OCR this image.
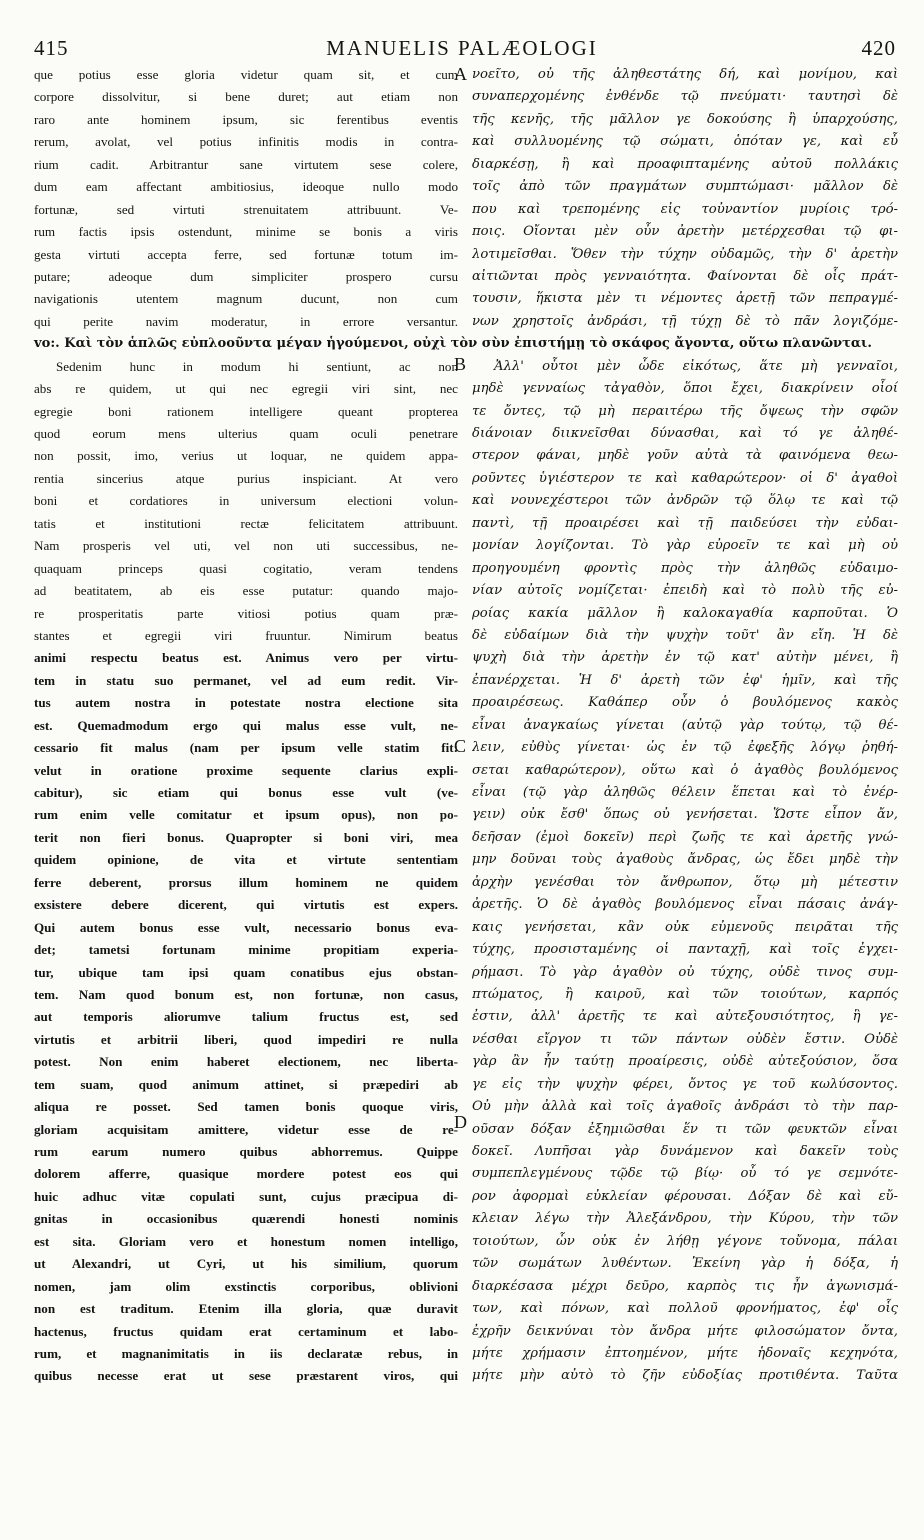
415	MANUELIS PALÆOLOGI	420
que potius esse gloria videtur quam sit, et cum
corpore dissolvitur, si bene duret; aut etiam non
raro ante hominem ipsum, sic ferentibus eventis
rerum, avolat, vel potius infinitis modis in contra-
rium cadit. Arbitrantur sane virtutem sese colere,
dum eam affectant ambitiosius, ideoque nullo modo
fortunæ, sed virtuti strenuitatem attribuunt. Ve-
rum factis ipsis ostendunt, minime se bonis a viris
gesta virtuti accepta ferre, sed fortunæ totum im-
putare; adeoque dum simpliciter prospero cursu
navigationis utentem magnum ducunt, non cum
qui perite navim moderatur, in errore versantur.
vo:. Καὶ τὸν ἁπλῶς εὐπλοοῦντα μέγαν ἡγούμενοι, οὐχὶ τὸν σὺν ἐπιστήμῃ τὸ σκάφος ἄγοντα, οὕτω πλανῶνται.
Sedenim hunc in modum hi sentiunt, ac non
abs re quidem, ut qui nec egregii viri sint, nec
egregie boni rationem intelligere queant propterea
quod eorum mens ulterius quam oculi penetrare
non possit, imo, verius ut loquar, ne quidem appa-
rentia sincerius atque purius inspiciant. At vero
boni et cordatiores in universum electioni volun-
tatis et institutioni rectæ felicitatem attribuunt.
Nam prosperis vel uti, vel non uti successibus, ne-
quaquam princeps quasi cogitatio, veram tendens
ad beatitatem, ab eis esse putatur: quando majo-
re prosperitatis parte vitiosi potius quam præ-
stantes et egregii viri fruuntur. Nimirum beatus
animi respectu beatus est. Animus vero per virtu-
tem in statu suo permanet, vel ad eum redit. Vir-
tus autem nostra in potestate nostra electione sita
est. Quemadmodum ergo qui malus esse vult, ne-
cessario fit malus (nam per ipsum velle statim fit:
velut in oratione proxime sequente clarius expli-
cabitur), sic etiam qui bonus esse vult (ve-
rum enim velle comitatur et ipsum opus), non po-
terit non fieri bonus. Quapropter si boni viri, mea
quidem opinione, de vita et virtute sententiam
ferre deberent, prorsus illum hominem ne quidem
exsistere debere dicerent, qui virtutis est expers.
Qui autem bonus esse vult, necessario bonus eva-
det; tametsi fortunam minime propitiam experia-
tur, ubique tam ipsi quam conatibus ejus obstan-
tem. Nam quod bonum est, non fortunæ, non casus,
aut temporis aliorumve talium fructus est, sed
virtutis et arbitrii liberi, quod impediri re nulla
potest. Non enim haberet electionem, nec liberta-
tem suam, quod animum attinet, si præpediri ab
aliqua re posset. Sed tamen bonis quoque viris,
gloriam acquisitam amittere, videtur esse de re-
rum earum numero quibus abhorremus. Quippe
dolorem afferre, quasique mordere potest eos qui
huic adhuc vitæ copulati sunt, cujus præcipua di-
gnitas in occasionibus quærendi honesti nominis
est sita. Gloriam vero et honestum nomen intelligo,
ut Alexandri, ut Cyri, ut his similium, quorum
nomen, jam olim exstinctis corporibus, oblivioni
non est traditum. Etenim illa gloria, quæ duravit
hactenus, fructus quidam erat certaminum et labo-
rum, et magnanimitatis in iis declaratæ rebus, in
quibus necesse erat ut sese præstarent viros, qui
νοεῖτο, οὐ τῆς ἀληθεστάτης δή, καὶ μονίμου, καὶ
συναπερχομένης ἐνθένδε τῷ πνεύματι· ταυτησὶ δὲ
τῆς κενῆς, τῆς μᾶλλον γε δοκούσης ἢ ὑπαρχούσης,
καὶ συλλυομένης τῷ σώματι, ὁπόταν γε, καὶ εὖ
διαρκέσῃ, ἢ καὶ προαφιπταμένης αὐτοῦ πολλάκις
τοῖς ἀπὸ τῶν πραγμάτων συμπτώμασι· μᾶλλον δὲ
που καὶ τρεπομένης εἰς τοὐναντίον μυρίοις τρό-
ποις. Οἴονται μὲν οὖν ἀρετὴν μετέρχεσθαι τῷ φι-
λοτιμεῖσθαι. Ὅθεν τὴν τύχην οὐδαμῶς, τὴν δ' ἀρετὴν
αἰτιῶνται πρὸς γενναιότητα. Φαίνονται δὲ οἷς πράτ-
τουσιν, ἥκιστα μὲν τι νέμοντες ἀρετῇ τῶν πεπραγμέ-
νων χρηστοῖς ἀνδράσι, τῇ τύχῃ δὲ τὸ πᾶν λογιζόμε-
Ἀλλ' οὗτοι μὲν ὧδε εἰκότως, ἅτε μὴ γενναῖοι,
μηδὲ γενναίως τἀγαθὸν, ὅποι ἔχει, διακρίνειν οἷοί
τε ὄντες, τῷ μὴ περαιτέρω τῆς ὄψεως τὴν σφῶν
διάνοιαν διικνεῖσθαι δύνασθαι, καὶ τό γε ἀληθέ-
στερον φάναι, μηδὲ γοῦν αὐτὰ τὰ φαινόμενα θεω-
ροῦντες ὑγιέστερον τε καὶ καθαρώτερον· οἱ δ' ἀγαθοὶ
καὶ νουνεχέστεροι τῶν ἀνδρῶν τῷ ὅλῳ τε καὶ τῷ
παντὶ, τῇ προαιρέσει καὶ τῇ παιδεύσει τὴν εὐδαι-
μονίαν λογίζονται. Τὸ γὰρ εὐροεῖν τε καὶ μὴ οὐ
προηγουμένη φροντὶς πρὸς τὴν ἀληθῶς εὐδαιμο-
νίαν αὐτοῖς νομίζεται· ἐπειδὴ καὶ τὸ πολὺ τῆς εὐ-
ροίας κακία μᾶλλον ἢ καλοκαγαθία καρποῦται. Ὁ
δὲ εὐδαίμων διὰ τὴν ψυχὴν τοῦτ' ἂν εἴη. Ἡ δὲ
ψυχὴ διὰ τὴν ἀρετὴν ἐν τῷ κατ' αὐτὴν μένει, ἢ
ἐπανέρχεται. Ἡ δ' ἀρετὴ τῶν ἐφ' ἡμῖν, καὶ τῆς
προαιρέσεως. Καθάπερ οὖν ὁ βουλόμενος κακὸς
εἶναι ἀναγκαίως γίνεται (αὐτῷ γὰρ τούτῳ, τῷ θέ-
λειν, εὐθὺς γίνεται· ὡς ἐν τῷ ἐφεξῆς λόγῳ ῥηθή-
σεται καθαρώτερον), οὕτω καὶ ὁ ἀγαθὸς βουλόμενος
εἶναι (τῷ γὰρ ἀληθῶς θέλειν ἕπεται καὶ τὸ ἐνέρ-
γειν) οὐκ ἔσθ' ὅπως οὐ γενήσεται. Ὥστε εἶπον ἄν,
δεῆσαν (ἐμοὶ δοκεῖν) περὶ ζωῆς τε καὶ ἀρετῆς γνώ-
μην δοῦναι τοὺς ἀγαθοὺς ἄνδρας, ὡς ἔδει μηδὲ τὴν
ἀρχὴν γενέσθαι τὸν ἄνθρωπον, ὅτῳ μὴ μέτεστιν
ἀρετῆς. Ὁ δὲ ἀγαθὸς βουλόμενος εἶναι πάσαις ἀνάγ-
καις γενήσεται, κἂν οὐκ εὐμενοῦς πειρᾶται τῆς
τύχης, προσισταμένης οἱ πανταχῇ, καὶ τοῖς ἐγχει-
ρήμασι. Τὸ γὰρ ἀγαθὸν οὐ τύχης, οὐδὲ τινος συμ-
πτώματος, ἢ καιροῦ, καὶ τῶν τοιούτων, καρπός
ἐστιν, ἀλλ' ἀρετῆς τε καὶ αὐτεξουσιότητος, ἣ γε-
νέσθαι εἴργον τι τῶν πάντων οὐδὲν ἔστιν. Οὐδὲ
γὰρ ἂν ἦν ταύτῃ προαίρεσις, οὐδὲ αὐτεξούσιον, ὅσα
γε εἰς τὴν ψυχὴν φέρει, ὄντος γε τοῦ κωλύσοντος.
Οὐ μὴν ἀλλὰ καὶ τοῖς ἀγαθοῖς ἀνδράσι τὸ τὴν παρ-
οῦσαν δόξαν ἐξημιῶσθαι ἕν τι τῶν φευκτῶν εἶναι
δοκεῖ. Λυπῆσαι γὰρ δυνάμενον καὶ δακεῖν τοὺς
συμπεπλεγμένους τῷδε τῷ βίῳ· οὗ τό γε σεμνότε-
ρον ἀφορμαὶ εὐκλείαν φέρουσαι. Δόξαν δὲ καὶ εὔ-
κλειαν λέγω τὴν Ἀλεξάνδρου, τὴν Κύρου, τὴν τῶν
τοιούτων, ὧν οὐκ ἐν λήθῃ γέγονε τοὔνομα, πάλαι
τῶν σωμάτων λυθέντων. Ἐκείνη γὰρ ἡ δόξα, ἡ
διαρκέσασα μέχρι δεῦρο, καρπὸς τις ἦν ἀγωνισμά-
των, καὶ πόνων, καὶ πολλοῦ φρονήματος, ἐφ' οἷς
ἐχρῆν δεικνύναι τὸν ἄνδρα μήτε φιλοσώματον ὄντα,
μήτε χρήμασιν ἐπτοημένον, μήτε ἡδοναῖς κεχηνότα,
μήτε μὴν αὐτὸ τὸ ζῆν εὐδοξίας προτιθέντα. Ταῦτα
A
B
C
D
